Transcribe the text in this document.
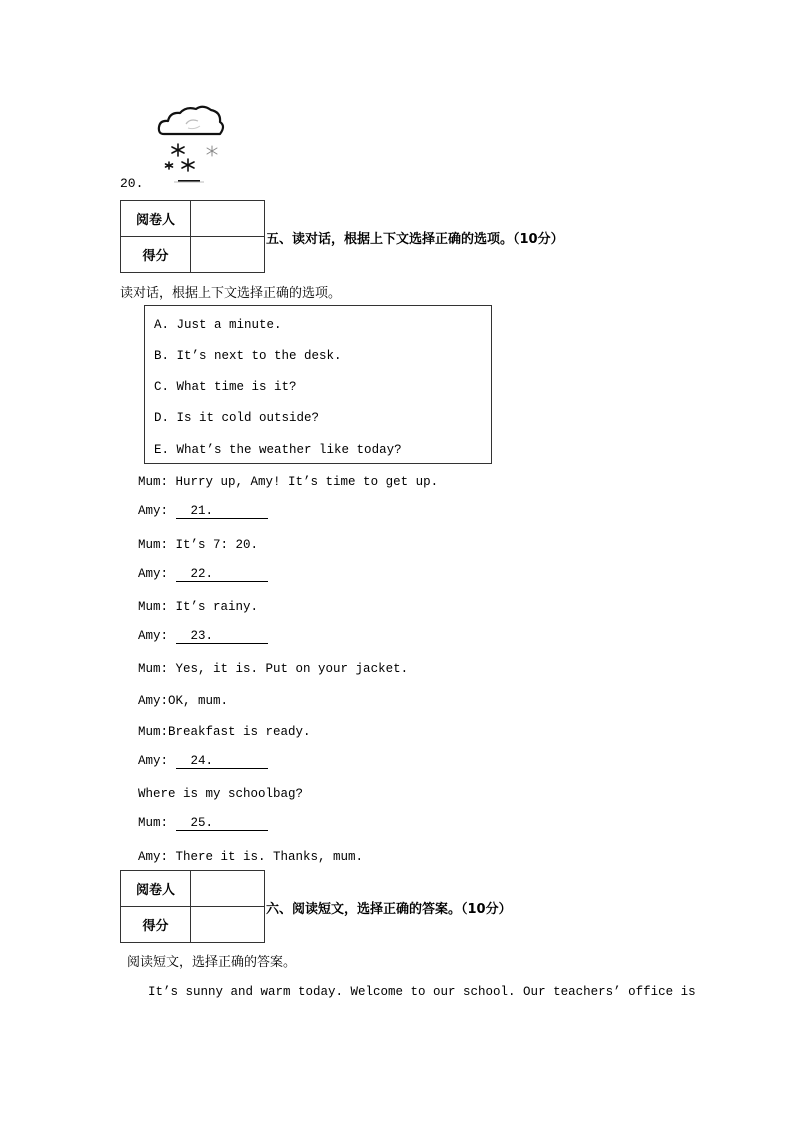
20.
阅卷人	
得分	
五、读对话，根据上下文选择正确的选项。（10分）
读对话，根据上下文选择正确的选项。
A. Just a minute.
B. It’s next to the desk.
C. What time is it?
D. Is it cold outside?
E. What’s the weather like today?
Mum: Hurry up, Amy! It’s time to get up.
Amy: 21.
Mum: It’s 7: 20.
Amy: 22.
Mum: It’s rainy.
Amy: 23.
Mum: Yes, it is. Put on your jacket.
Amy:OK, mum.
Mum:Breakfast is ready.
Amy: 24.
Where is my schoolbag?
Mum: 25.
Amy: There it is. Thanks, mum.
阅卷人	
得分	
六、阅读短文，选择正确的答案。（10分）
阅读短文，选择正确的答案。
It’s sunny and warm today. Welcome to our school. Our teachers’ office is
